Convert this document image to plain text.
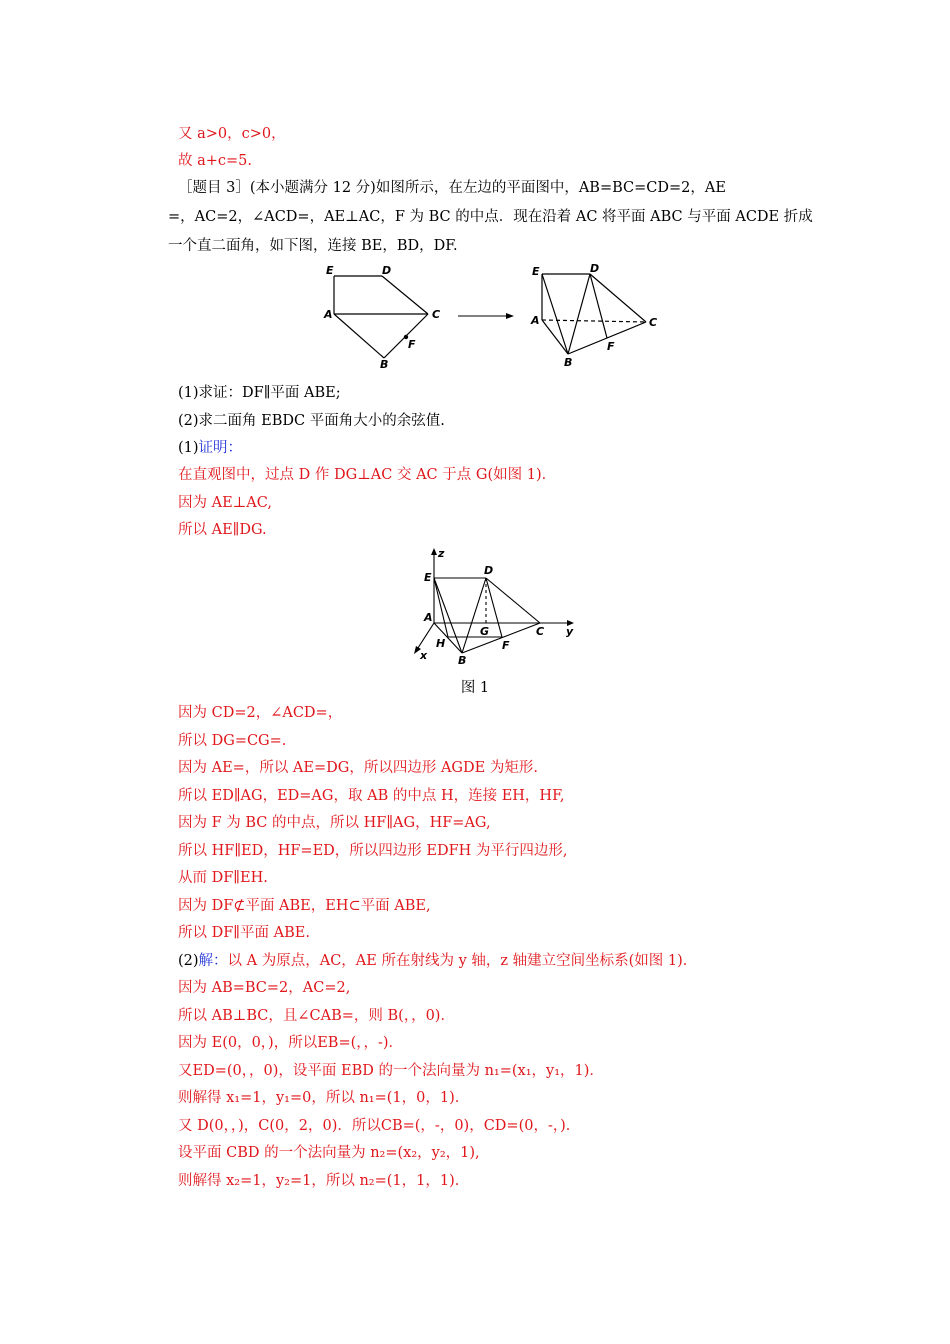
又 a>0，c>0，
故 a+c=5.
［题目 3］(本小题满分 12 分)如图所示，在左边的平面图中，AB=BC=CD=2，AE
=，AC=2，∠ACD=，AE⊥AC，F 为 BC 的中点．现在沿着 AC 将平面 ABC 与平面 ACDE 折成
一个直二面角，如下图，连接 BE，BD，DF.
E	D
A	C
F
B
E	D
A	C
F
B
(1)求证：DF∥平面 ABE;
(2)求二面角 EBDC 平面角大小的余弦值.
(1)证明：
在直观图中，过点 D 作 DG⊥AC 交 AC 于点 G(如图 1)．
因为 AE⊥AC,
所以 AE∥DG.
z
E
D
A
G	C y
H	F
B
x
图 1
因为 CD=2，∠ACD=，
所以 DG=CG=.
因为 AE=，所以 AE=DG，所以四边形 AGDE 为矩形.
所以 ED∥AG，ED=AG，取 AB 的中点 H，连接 EH，HF,
因为 F 为 BC 的中点，所以 HF∥AG，HF=AG,
所以 HF∥ED，HF=ED，所以四边形 EDFH 为平行四边形,
从而 DF∥EH.
因为 DF⊄平面 ABE，EH⊂平面 ABE,
所以 DF∥平面 ABE.
(2)解：以 A 为原点，AC，AE 所在射线为 y 轴，z 轴建立空间坐标系(如图 1)．
因为 AB=BC=2，AC=2,
所以 AB⊥BC，且∠CAB=，则 B(，，0)．
因为 E(0，0，)，所以EB=(，，-)．
又ED=(0，，0)，设平面 EBD 的一个法向量为 n₁=(x₁，y₁，1)．
则解得 x₁=1，y₁=0，所以 n₁=(1，0，1)．
又 D(0，，)，C(0，2，0)．所以CB=(，-，0)，CD=(0，-，)．
设平面 CBD 的一个法向量为 n₂=(x₂，y₂，1),
则解得 x₂=1，y₂=1，所以 n₂=(1，1，1)．
